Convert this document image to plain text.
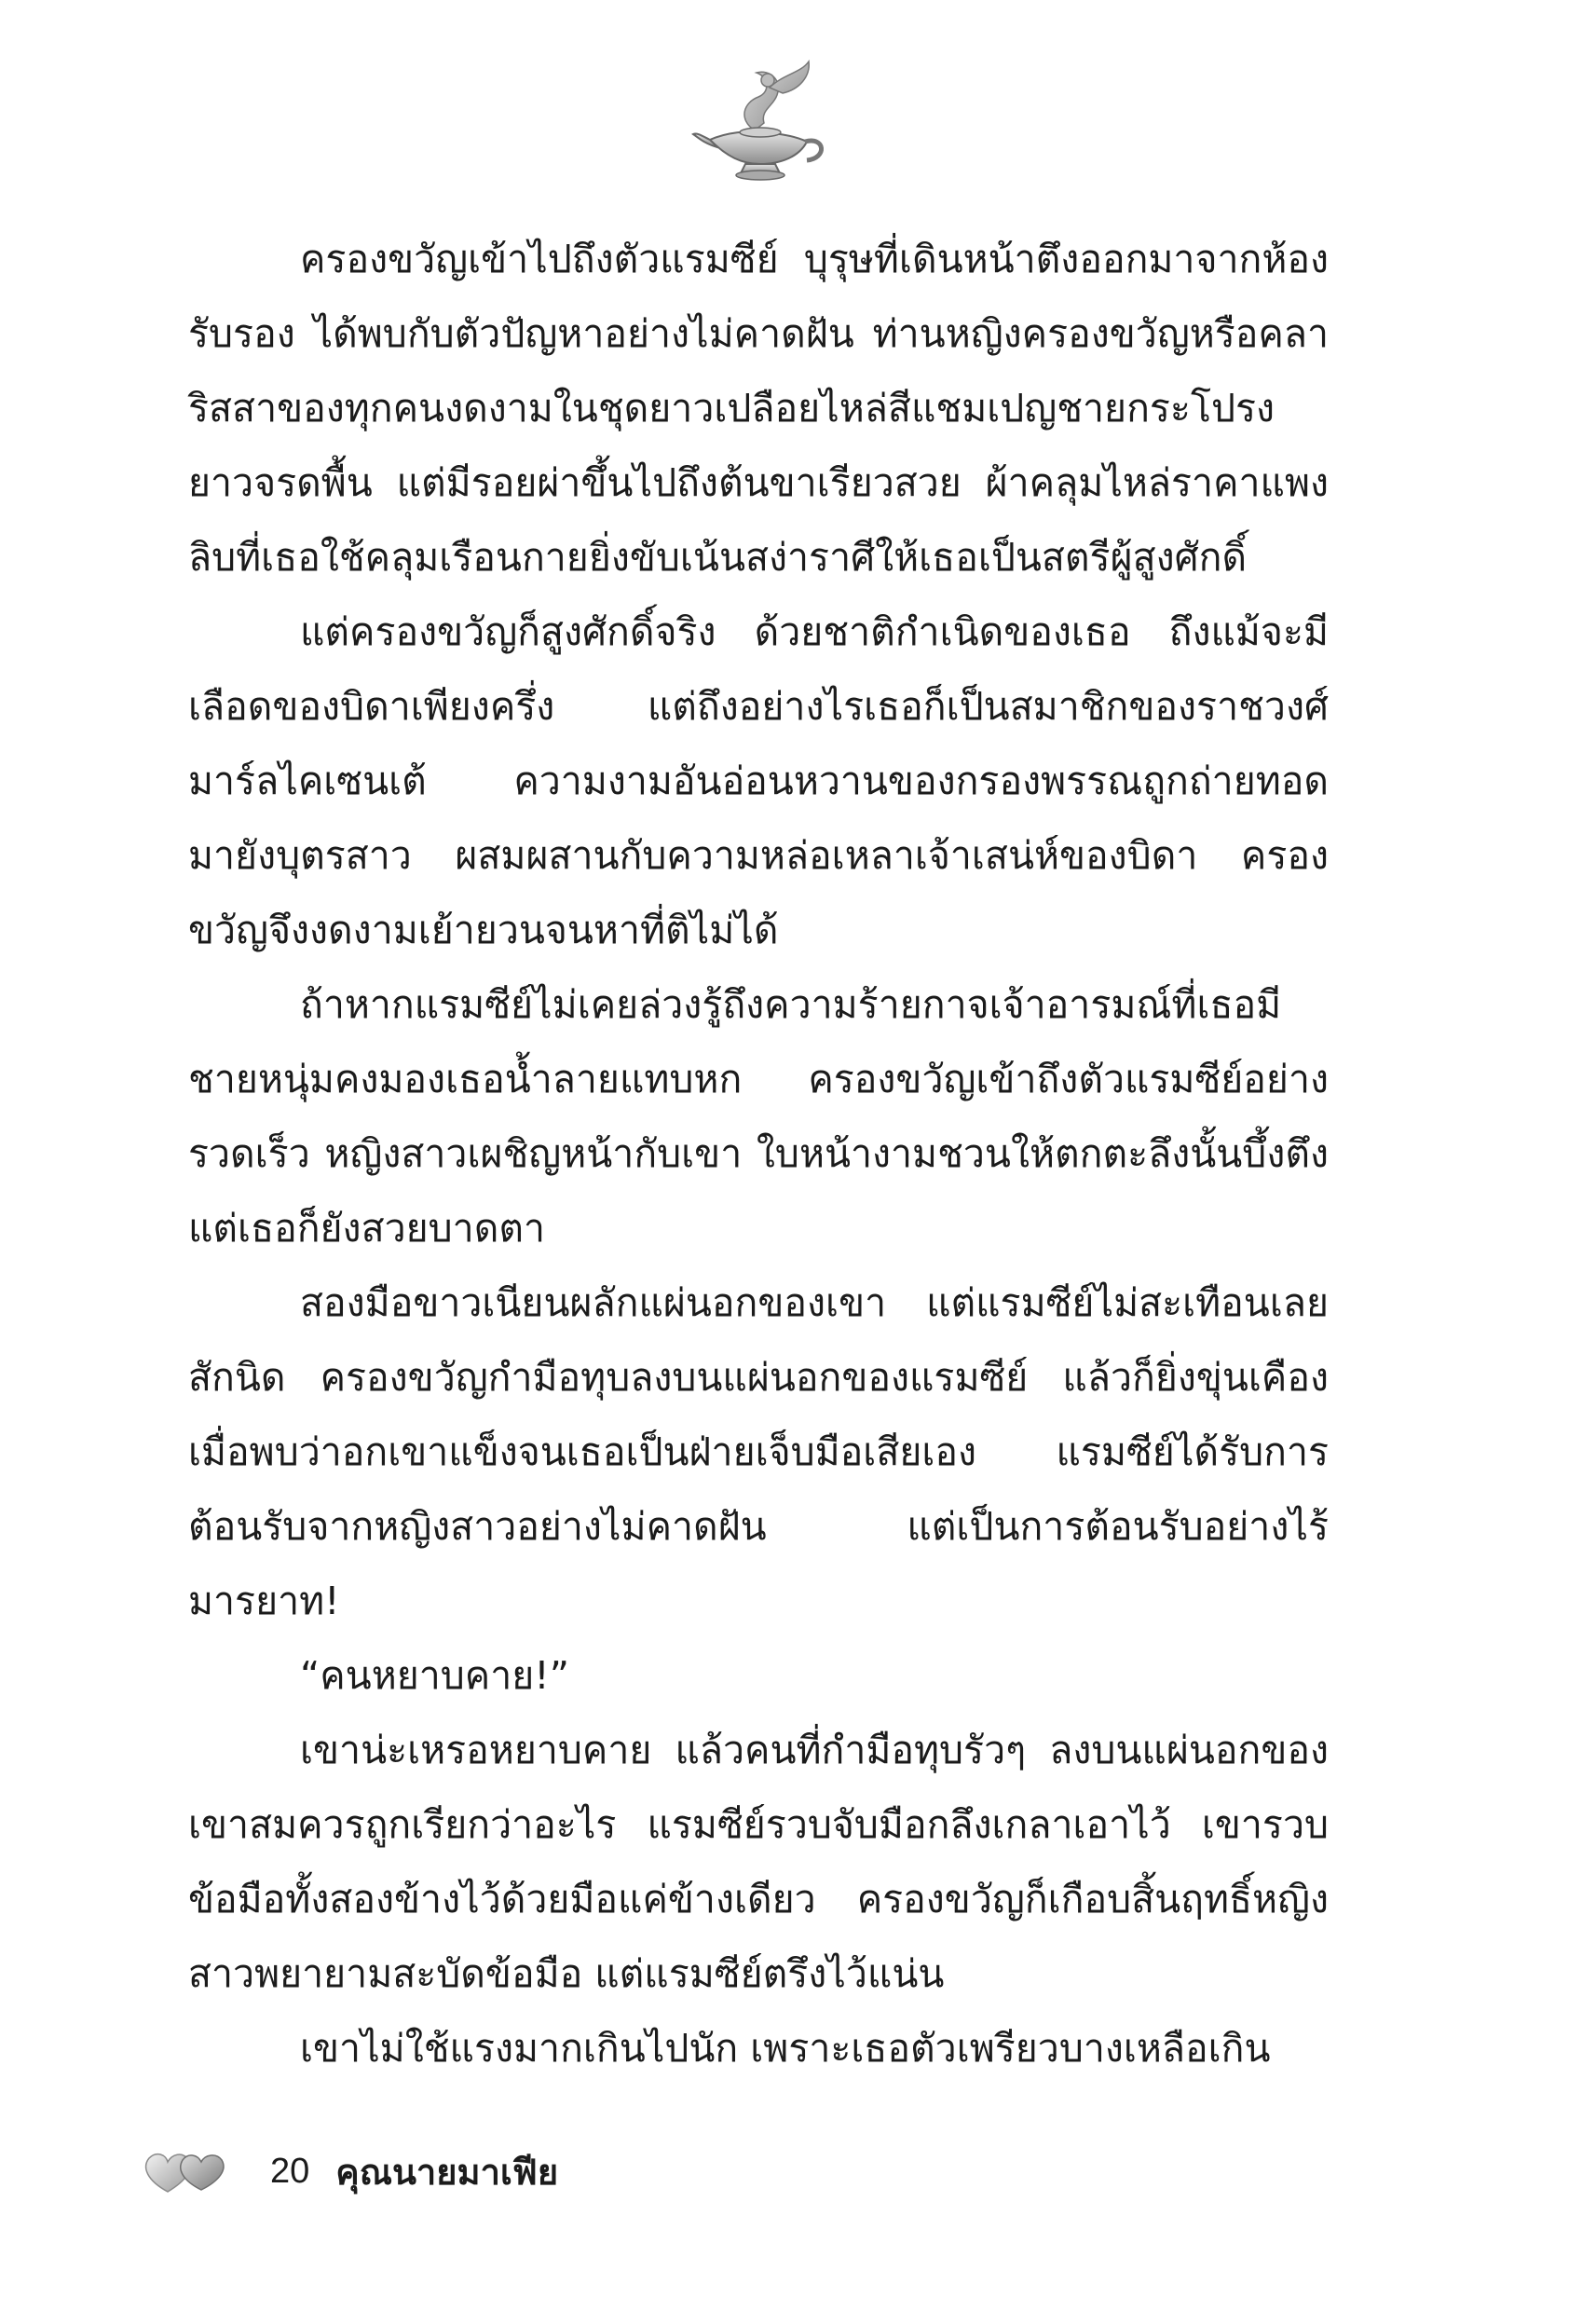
ครองขวัญเข้าไปถึงตัวแรมซีย์ บุรุษที่เดินหน้าตึงออกมาจากห้องรับรอง ได้พบกับตัวปัญหาอย่างไม่คาดฝัน ท่านหญิงครองขวัญหรือคลาริสสาของทุกคนงดงามในชุดยาวเปลือยไหล่สีแชมเปญชายกระโปรงยาวจรดพื้น แต่มีรอยผ่าขึ้นไปถึงต้นขาเรียวสวย ผ้าคลุมไหล่ราคาแพงลิบที่เธอใช้คลุมเรือนกายยิ่งขับเน้นสง่าราศีให้เธอเป็นสตรีผู้สูงศักดิ์

แต่ครองขวัญก็สูงศักดิ์จริง ด้วยชาติกำเนิดของเธอ ถึงแม้จะมีเลือดของบิดาเพียงครึ่ง แต่ถึงอย่างไรเธอก็เป็นสมาชิกของราชวงศ์มาร์ลไคเซนเต้ ความงามอันอ่อนหวานของกรองพรรณถูกถ่ายทอดมายังบุตรสาว ผสมผสานกับความหล่อเหลาเจ้าเสน่ห์ของบิดา ครองขวัญจึงงดงามเย้ายวนจนหาที่ติไม่ได้

ถ้าหากแรมซีย์ไม่เคยล่วงรู้ถึงความร้ายกาจเจ้าอารมณ์ที่เธอมี ชายหนุ่มคงมองเธอน้ำลายแทบหก ครองขวัญเข้าถึงตัวแรมซีย์อย่างรวดเร็ว หญิงสาวเผชิญหน้ากับเขา ใบหน้างามชวนให้ตกตะลึงนั้นบึ้งตึง แต่เธอก็ยังสวยบาดตา

สองมือขาวเนียนผลักแผ่นอกของเขา แต่แรมซีย์ไม่สะเทือนเลยสักนิด ครองขวัญกำมือทุบลงบนแผ่นอกของแรมซีย์ แล้วก็ยิ่งขุ่นเคืองเมื่อพบว่าอกเขาแข็งจนเธอเป็นฝ่ายเจ็บมือเสียเอง แรมซีย์ได้รับการต้อนรับจากหญิงสาวอย่างไม่คาดฝัน แต่เป็นการต้อนรับอย่างไร้มารยาท!

“คนหยาบคาย!”

เขาน่ะเหรอหยาบคาย แล้วคนที่กำมือทุบรัวๆ ลงบนแผ่นอกของเขาสมควรถูกเรียกว่าอะไร แรมซีย์รวบจับมือกลึงเกลาเอาไว้ เขารวบข้อมือทั้งสองข้างไว้ด้วยมือแค่ข้างเดียว ครองขวัญก็เกือบสิ้นฤทธิ์หญิงสาวพยายามสะบัดข้อมือ แต่แรมซีย์ตรึงไว้แน่น

เขาไม่ใช้แรงมากเกินไปนัก เพราะเธอตัวเพรียวบางเหลือเกิน

20 คุณนายมาเฟีย
